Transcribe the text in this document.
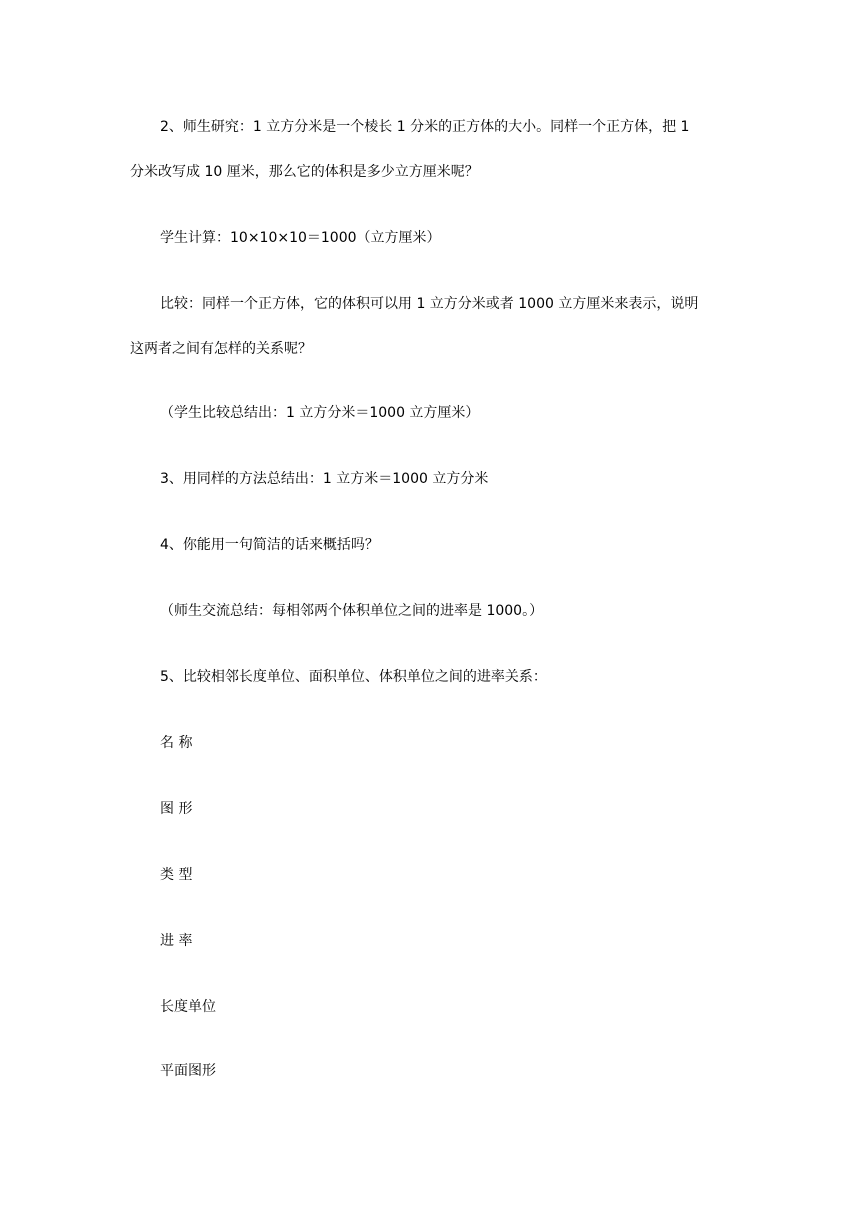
2、师生研究：1 立方分米是一个棱长 1 分米的正方体的大小。同样一个正方体，把 1
分米改写成 10 厘米，那么它的体积是多少立方厘米呢？
学生计算：10×10×10＝1000（立方厘米）
比较：同样一个正方体，它的体积可以用 1 立方分米或者 1000 立方厘米来表示，说明
这两者之间有怎样的关系呢？
（学生比较总结出：1 立方分米＝1000 立方厘米）
3、用同样的方法总结出：1 立方米＝1000 立方分米
4、你能用一句简洁的话来概括吗？
（师生交流总结：每相邻两个体积单位之间的进率是 1000。）
5、比较相邻长度单位、面积单位、体积单位之间的进率关系：
名 称
图 形
类 型
进 率
长度单位
平面图形
